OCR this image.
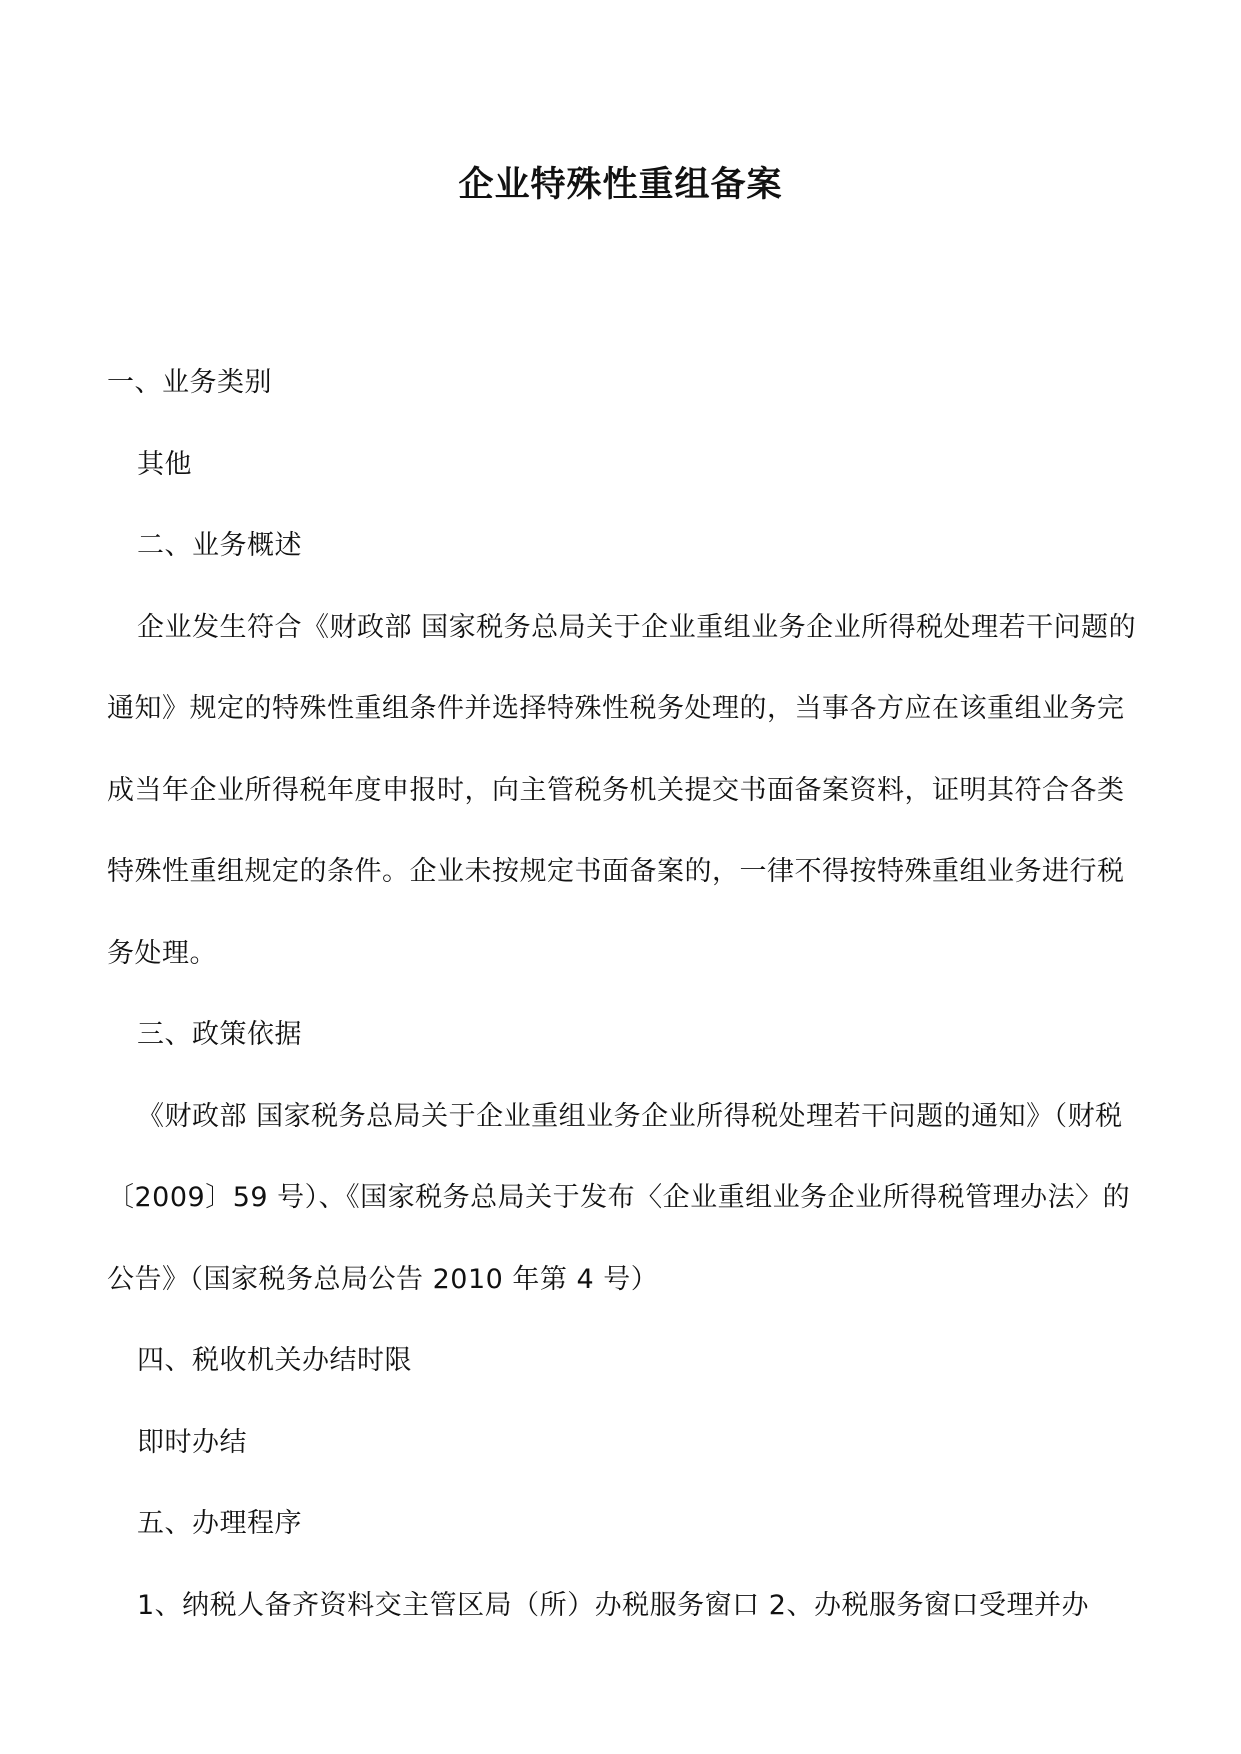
企业特殊性重组备案

一、业务类别

其他

二、业务概述

企业发生符合《财政部 国家税务总局关于企业重组业务企业所得税处理若干问题的通知》规定的特殊性重组条件并选择特殊性税务处理的，当事各方应在该重组业务完成当年企业所得税年度申报时，向主管税务机关提交书面备案资料，证明其符合各类特殊性重组规定的条件。企业未按规定书面备案的，一律不得按特殊重组业务进行税务处理。

三、政策依据

《财政部 国家税务总局关于企业重组业务企业所得税处理若干问题的通知》（财税〔2009〕59 号）、《国家税务总局关于发布〈企业重组业务企业所得税管理办法〉的公告》（国家税务总局公告 2010 年第 4 号）

四、税收机关办结时限

即时办结

五、办理程序

1、纳税人备齐资料交主管区局（所）办税服务窗口 2、办税服务窗口受理并办
